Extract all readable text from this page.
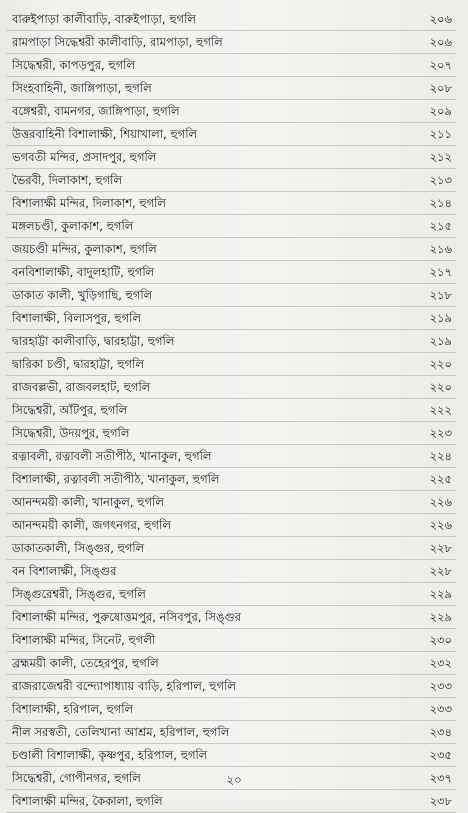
বারুইপাড়া কালীবাড়ি, বারুইপাড়া, হুগলি	২০৬
রামপাড়া সিদ্ধেশ্বরী কালীবাড়ি, রামপাড়া, হুগলি	২০৬
সিদ্ধেশ্বরী, কাপড়পুর, হুগলি	২০৭
সিংহবাহিনী, জাঙ্গিপাড়া, হুগলি	২০৮
বঙ্গেশ্বরী, বামনগর, জাঙ্গিপাড়া, হুগলি	২০৯
উত্তরবাহিনী বিশালাক্ষী, শিয়াখালা, হুগলি	২১১
ভগবতী মন্দির, প্রসাদপুর, হুগলি	২১২
ভৈরবী, দিলাকাশ, হুগলি	২১৩
বিশালাক্ষী মন্দির, দিলাকাশ, হুগলি	২১৪
মঙ্গলচণ্ডী, কুলাকাশ, হুগলি	২১৫
জয়চণ্ডী মন্দির, কুলাকাশ, হুগলি	২১৬
বনবিশালাক্ষী, বাদুলহাটি, হুগলি	২১৭
ডাকাত কালী, খুড়িগাছি, হুগলি	২১৮
বিশালাক্ষী, বিলাসপুর, হুগলি	২১৯
দ্বারহাট্টা কালীবাড়ি, দ্বারহাট্টা, হুগলি	২১৯
দ্বারিকা চণ্ডী, দ্বারহাট্টা, হুগলি	২২০
রাজবল্লভী, রাজবলহাট, হুগলি	২২০
সিদ্ধেশ্বরী, আঁটপুর, হুগলি	২২২
সিদ্ধেশ্বরী, উদয়পুর, হুগলি	২২৩
রত্নাবলী, রত্নাবলী সতীপীঠ, খানাকুল, হুগলি	২২৪
বিশালাক্ষী, রত্নাবলী সতীপীঠ, খানাকুল, হুগলি	২২৫
আনন্দময়ী কালী, খানাকুল, হুগলি	২২৬
আনন্দময়ী কালী, জগৎনগর, হুগলি	২২৬
ডাকাতকালী, সিঙ্গুর, হুগলি	২২৮
বন বিশালাক্ষী, সিঙ্গুর	২২৮
সিঙ্গুরেশ্বরী, সিঙ্গুর, হুগলি	২২৯
বিশালাক্ষী মন্দির, পুরুষোত্তমপুর, নসিবপুর, সিঙ্গুর	২২৯
বিশালাক্ষী মন্দির, সিনেট, হুগলী	২৩০
ব্রহ্মময়ী কালী, তেহেরপুর, হুগলি	২৩২
রাজরাজেশ্বরী বন্দ্যোপাধ্যায় বাড়ি, হরিপাল, হুগলি	২৩৩
বিশালাক্ষী, হরিপাল, হুগলি	২৩৩
নীল সরস্বতী, তেলিখানা আশ্রম, হরিপাল, হুগলি	২৩৪
চণ্ডালী বিশালাক্ষী, কৃষ্ণপুর, হরিপাল, হুগলি	২৩৫
সিদ্ধেশ্বরী, গোপীনগর, হুগলি	২৩৭
বিশালাক্ষী মন্দির, কৈকালা, হুগলি	২৩৮
২০
